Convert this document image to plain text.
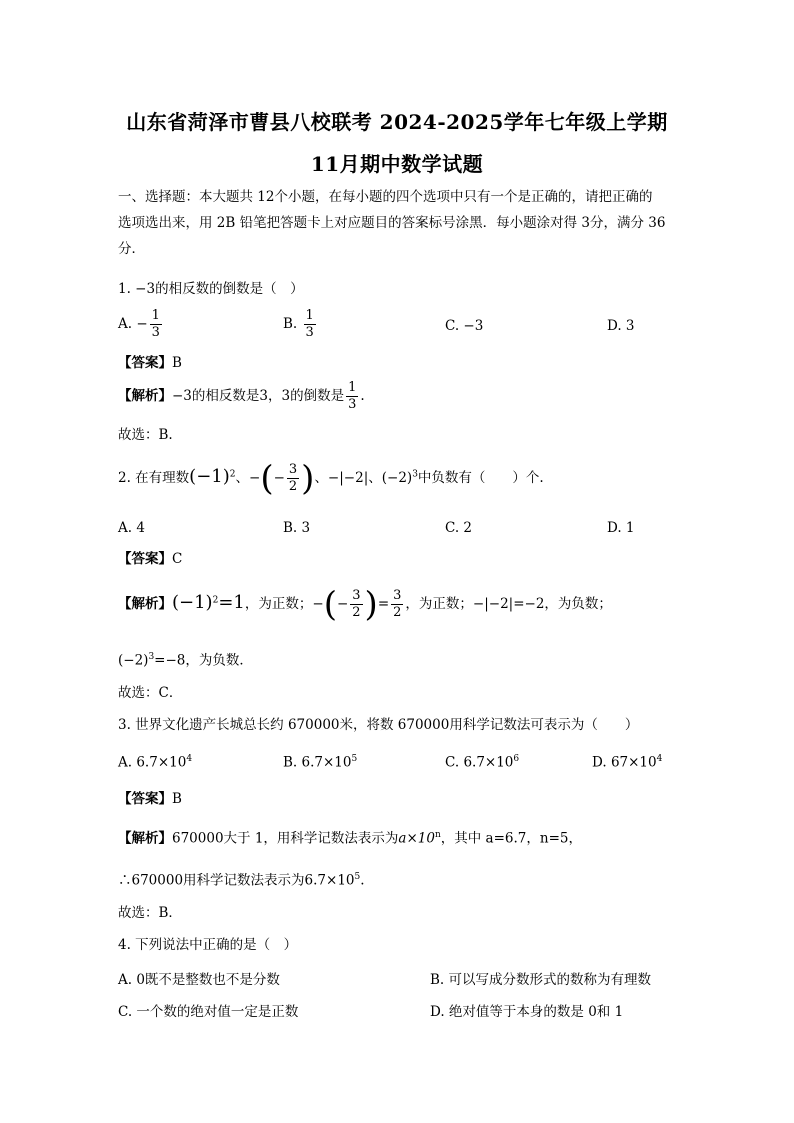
山东省菏泽市曹县八校联考 2024-2025学年七年级上学期
11月期中数学试题
一、选择题：本大题共 12个小题，在每小题的四个选项中只有一个是正确的，请把正确的
选项选出来，用 2B 铅笔把答题卡上对应题目的答案标号涂黑．每小题涂对得 3分，满分 36
分．
1. −3的相反数的倒数是（　）
A. − $\frac{1}{3}$	B. $\frac{1}{3}$	C. −3	D. 3
【答案】B
【解析】−3的相反数是3，3的倒数是 $\frac{1}{3}$ .
故选：B.
2. 在有理数$(-1)^2$、−(− $\frac{3}{2}$ )、−|−2|、$(-2)^3$中负数有（　　）个.
A. 4	B. 3	C. 2	D. 1
【答案】C
【解析】$(-1)^2=1$，为正数；−(− $\frac{3}{2}$ )= $\frac{3}{2}$ ，为正数；−|−2|=−2，为负数；
$(-2)^3=-8$，为负数．
故选：C．
3. 世界文化遗产长城总长约 670000米，将数 670000用科学记数法可表示为（　　）
A. $6.7\times 10^4$	B. $6.7\times 10^5$	C. $6.7\times 10^6$	D. $67\times 10^4$
【答案】B
【解析】670000大于 1，用科学记数法表示为$a\times 10^n$，其中 a=6.7，n=5，
∴670000用科学记数法表示为$6.7\times 10^5$.
故选：B．
4. 下列说法中正确的是（　）
A. 0既不是整数也不是分数	B. 可以写成分数形式的数称为有理数
C. 一个数的绝对值一定是正数	D. 绝对值等于本身的数是 0和 1
